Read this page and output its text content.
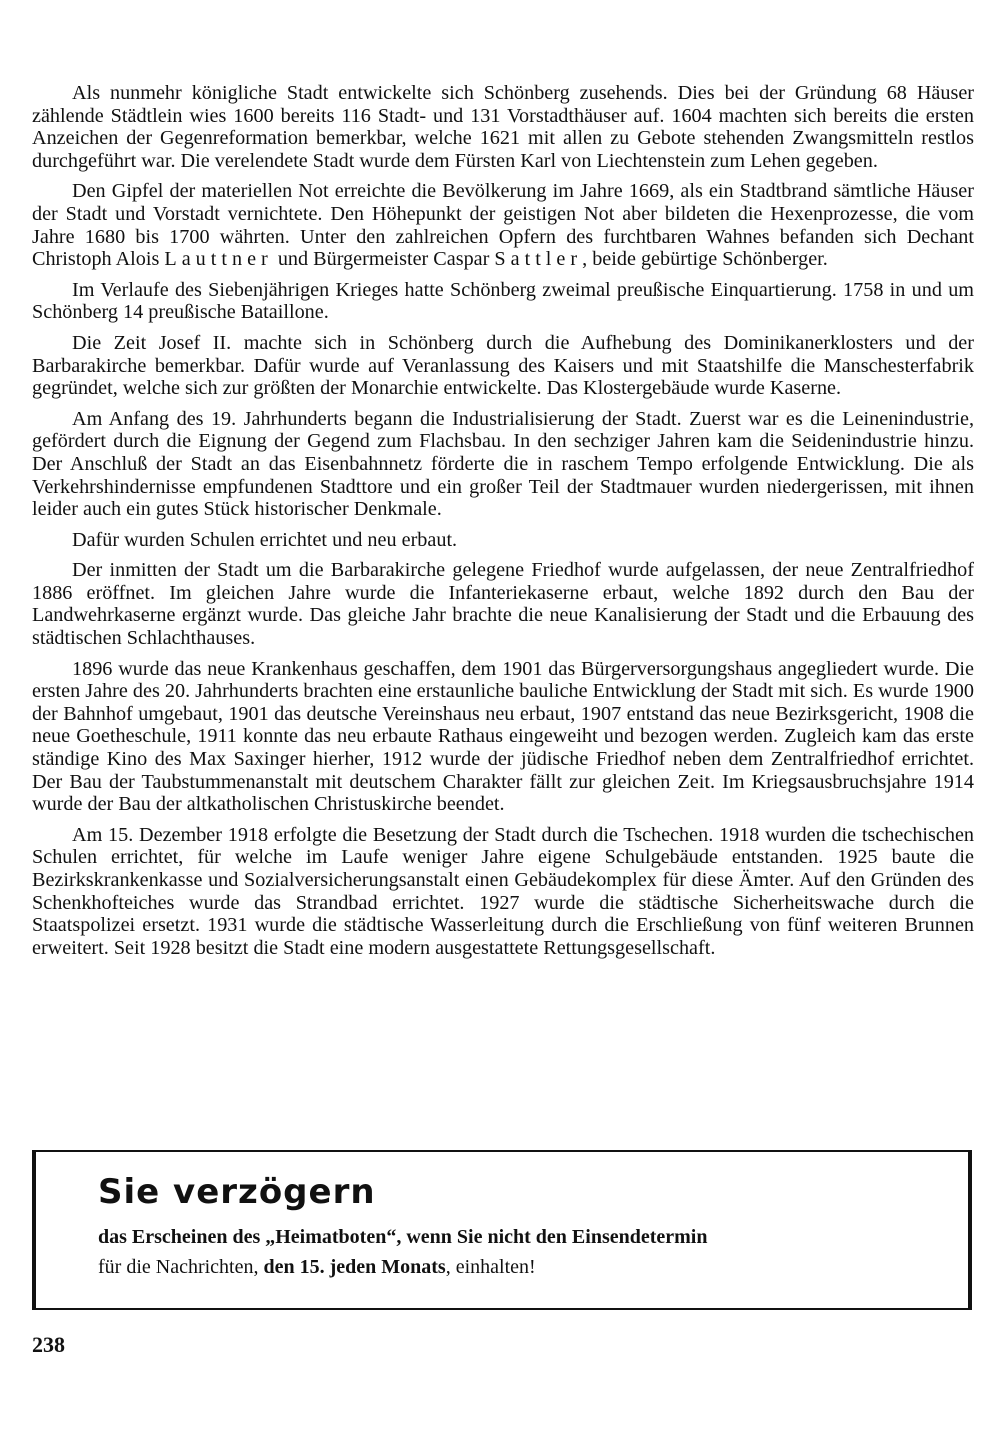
Als nunmehr königliche Stadt entwickelte sich Schönberg zusehends. Dies bei der Gründung 68 Häuser zählende Städtlein wies 1600 bereits 116 Stadt- und 131 Vorstadthäuser auf. 1604 machten sich bereits die ersten Anzeichen der Gegenreformation bemerkbar, welche 1621 mit allen zu Gebote stehenden Zwangsmitteln restlos durchgeführt war. Die verelendete Stadt wurde dem Fürsten Karl von Liechtenstein zum Lehen gegeben.

Den Gipfel der materiellen Not erreichte die Bevölkerung im Jahre 1669, als ein Stadtbrand sämtliche Häuser der Stadt und Vorstadt vernichtete. Den Höhepunkt der geistigen Not aber bildeten die Hexenprozesse, die vom Jahre 1680 bis 1700 währten. Unter den zahlreichen Opfern des furchtbaren Wahnes befanden sich Dechant Christoph Alois Lauttner und Bürgermeister Caspar Sattler, beide gebürtige Schönberger.

Im Verlaufe des Siebenjährigen Krieges hatte Schönberg zweimal preußische Einquartierung. 1758 in und um Schönberg 14 preußische Bataillone.

Die Zeit Josef II. machte sich in Schönberg durch die Aufhebung des Dominikanerklosters und der Barbarakirche bemerkbar. Dafür wurde auf Veranlassung des Kaisers und mit Staatshilfe die Manschesterfabrik gegründet, welche sich zur größten der Monarchie entwickelte. Das Klostergebäude wurde Kaserne.

Am Anfang des 19. Jahrhunderts begann die Industrialisierung der Stadt. Zuerst war es die Leinenindustrie, gefördert durch die Eignung der Gegend zum Flachsbau. In den sechziger Jahren kam die Seidenindustrie hinzu. Der Anschluß der Stadt an das Eisenbahnnetz förderte die in raschem Tempo erfolgende Entwicklung. Die als Verkehrshindernisse empfundenen Stadttore und ein großer Teil der Stadtmauer wurden niedergerissen, mit ihnen leider auch ein gutes Stück historischer Denkmale.

Dafür wurden Schulen errichtet und neu erbaut.

Der inmitten der Stadt um die Barbarakirche gelegene Friedhof wurde aufgelassen, der neue Zentralfriedhof 1886 eröffnet. Im gleichen Jahre wurde die Infanteriekaserne erbaut, welche 1892 durch den Bau der Landwehrkaserne ergänzt wurde. Das gleiche Jahr brachte die neue Kanalisierung der Stadt und die Erbauung des städtischen Schlachthauses.

1896 wurde das neue Krankenhaus geschaffen, dem 1901 das Bürgerversorgungshaus angegliedert wurde. Die ersten Jahre des 20. Jahrhunderts brachten eine erstaunliche bauliche Entwicklung der Stadt mit sich. Es wurde 1900 der Bahnhof umgebaut, 1901 das deutsche Vereinshaus neu erbaut, 1907 entstand das neue Bezirksgericht, 1908 die neue Goetheschule, 1911 konnte das neu erbaute Rathaus eingeweiht und bezogen werden. Zugleich kam das erste ständige Kino des Max Saxinger hierher, 1912 wurde der jüdische Friedhof neben dem Zentralfriedhof errichtet. Der Bau der Taubstummenanstalt mit deutschem Charakter fällt zur gleichen Zeit. Im Kriegsausbruchsjahre 1914 wurde der Bau der altkatholischen Christuskirche beendet.

Am 15. Dezember 1918 erfolgte die Besetzung der Stadt durch die Tschechen. 1918 wurden die tschechischen Schulen errichtet, für welche im Laufe weniger Jahre eigene Schulgebäude entstanden. 1925 baute die Bezirkskrankenkasse und Sozialversicherungsanstalt einen Gebäudekomplex für diese Ämter. Auf den Gründen des Schenkhofteiches wurde das Strandbad errichtet. 1927 wurde die städtische Sicherheitswache durch die Staatspolizei ersetzt. 1931 wurde die städtische Wasserleitung durch die Erschließung von fünf weiteren Brunnen erweitert. Seit 1928 besitzt die Stadt eine modern ausgestattete Rettungsgesellschaft.

Sie verzögern

das Erscheinen des „Heimatboten“, wenn Sie nicht den Einsendetermin

für die Nachrichten, den 15. jeden Monats, einhalten!

238
